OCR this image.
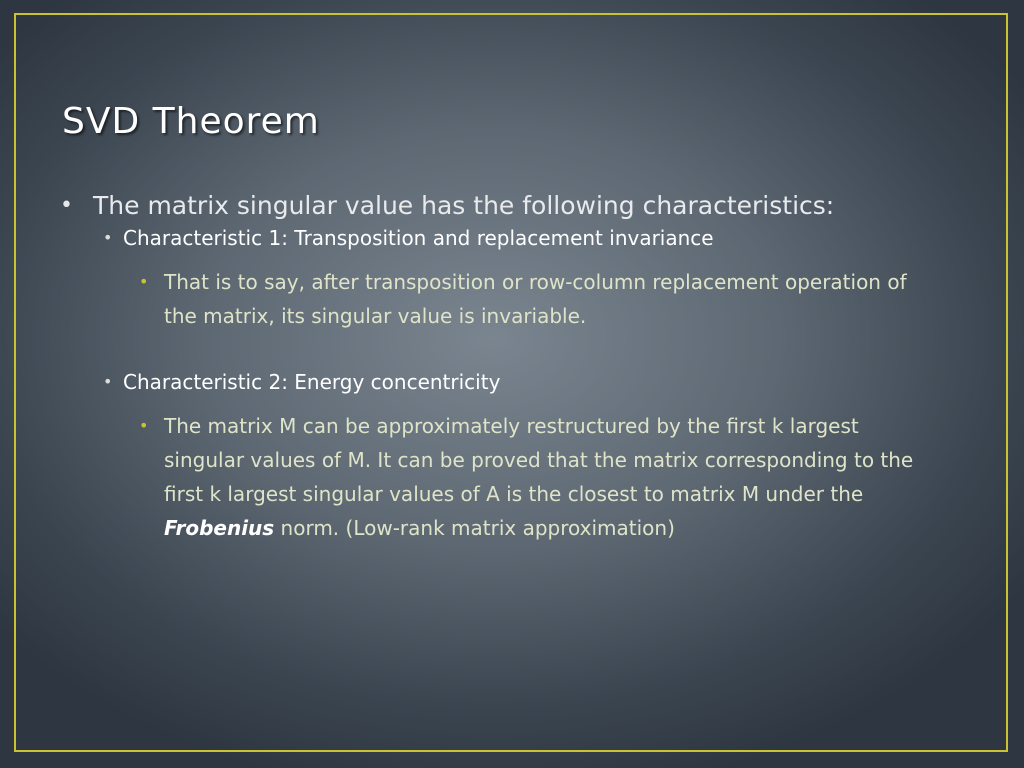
SVD Theorem
• The matrix singular value has the following characteristics:
• Characteristic 1: Transposition and replacement invariance
• That is to say, after transposition or row-column replacement operation of the matrix, its singular value is invariable.
• Characteristic 2: Energy concentricity
• The matrix M can be approximately restructured by the first k largest singular values of M. It can be proved that the matrix corresponding to the first k largest singular values of A is the closest to matrix M under the Frobenius norm. (Low-rank matrix approximation)
